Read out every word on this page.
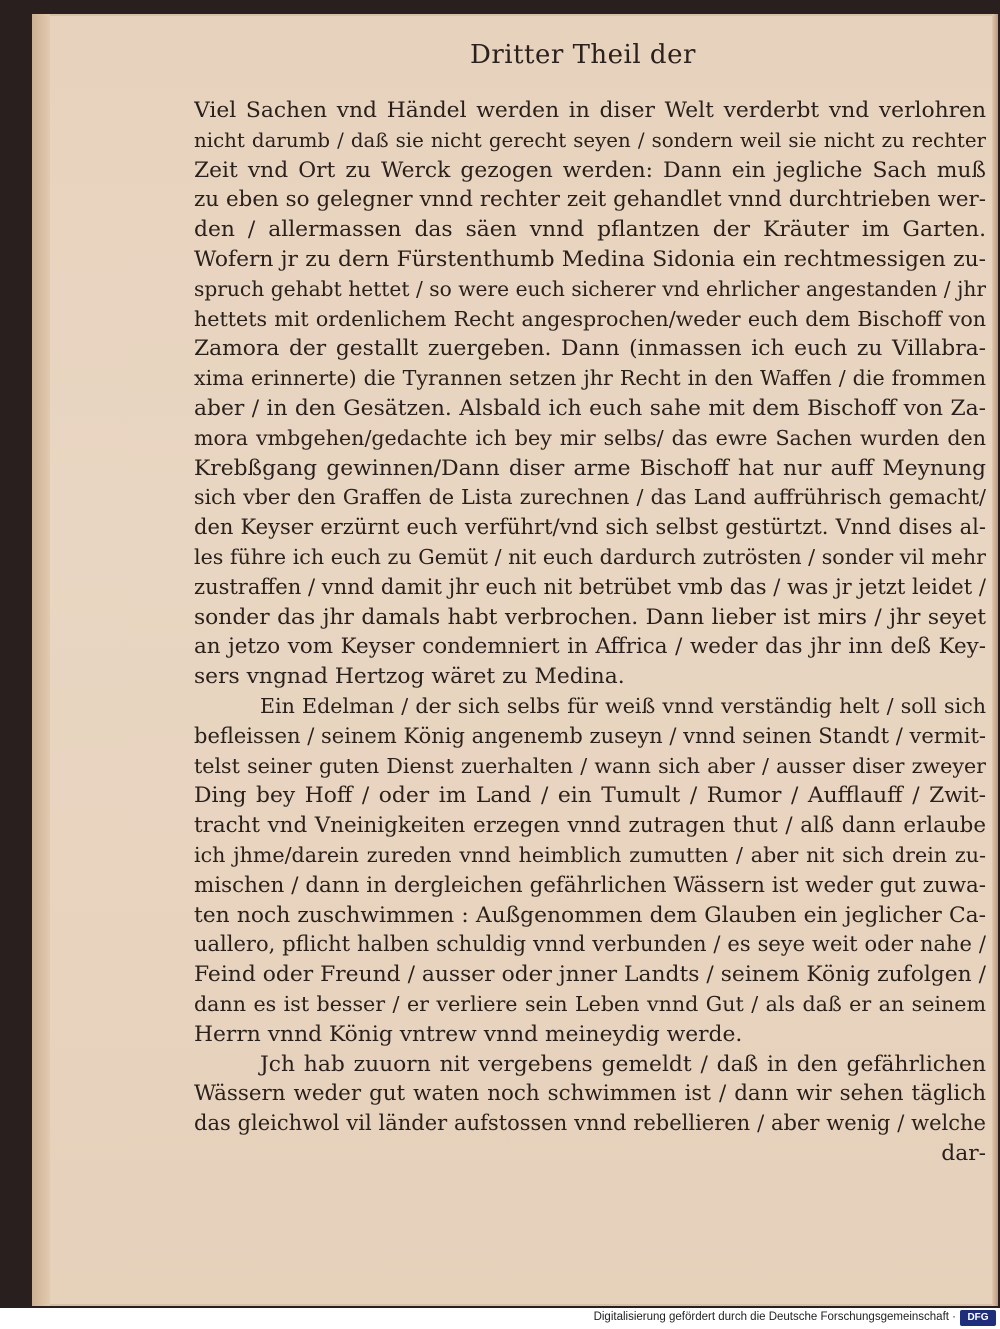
Dritter Theil der
Viel Sachen vnd Händel werden in diser Welt verderbt vnd verlohren
nicht darumb / daß sie nicht gerecht seyen / sondern weil sie nicht zu rechter
Zeit vnd Ort zu Werck gezogen werden: Dann ein jegliche Sach muß
zu eben so gelegner vnnd rechter zeit gehandlet vnnd durchtrieben wer-
den / allermassen das säen vnnd pflantzen der Kräuter im Garten.
Wofern jr zu dern Fürstenthumb Medina Sidonia ein rechtmessigen zu-
spruch gehabt hettet / so were euch sicherer vnd ehrlicher angestanden / jhr
hettets mit ordenlichem Recht angesprochen/weder euch dem Bischoff von
Zamora der gestallt zuergeben. Dann (inmassen ich euch zu Villabra-
xima erinnerte) die Tyrannen setzen jhr Recht in den Waffen / die frommen
aber / in den Gesätzen. Alsbald ich euch sahe mit dem Bischoff von Za-
mora vmbgehen/gedachte ich bey mir selbs/ das ewre Sachen wurden den
Krebßgang gewinnen/Dann diser arme Bischoff hat nur auff Meynung
sich vber den Graffen de Lista zurechnen / das Land auffrührisch gemacht/
den Keyser erzürnt euch verführt/vnd sich selbst gestürtzt. Vnnd dises al-
les führe ich euch zu Gemüt / nit euch dardurch zutrösten / sonder vil mehr
zustraffen / vnnd damit jhr euch nit betrübet vmb das / was jr jetzt leidet /
sonder das jhr damals habt verbrochen. Dann lieber ist mirs / jhr seyet
an jetzo vom Keyser condemniert in Affrica / weder das jhr inn deß Key-
sers vngnad Hertzog wäret zu Medina.
Ein Edelman / der sich selbs für weiß vnnd verständig helt / soll sich
befleissen / seinem König angenemb zuseyn / vnnd seinen Standt / vermit-
telst seiner guten Dienst zuerhalten / wann sich aber / ausser diser zweyer
Ding bey Hoff / oder im Land / ein Tumult / Rumor / Aufflauff / Zwit-
tracht vnd Vneinigkeiten erzegen vnnd zutragen thut / alß dann erlaube
ich jhme/darein zureden vnnd heimblich zumutten / aber nit sich drein zu-
mischen / dann in dergleichen gefährlichen Wässern ist weder gut zuwa-
ten noch zuschwimmen : Außgenommen dem Glauben ein jeglicher Ca-
uallero, pflicht halben schuldig vnnd verbunden / es seye weit oder nahe /
Feind oder Freund / ausser oder jnner Landts / seinem König zufolgen /
dann es ist besser / er verliere sein Leben vnnd Gut / als daß er an seinem
Herrn vnnd König vntrew vnnd meineydig werde.
Jch hab zuuorn nit vergebens gemeldt / daß in den gefährlichen
Wässern weder gut waten noch schwimmen ist / dann wir sehen täglich
das gleichwol vil länder aufstossen vnnd rebellieren / aber wenig / welche
dar-
Digitalisierung gefördert durch die Deutsche Forschungsgemeinschaft ·	DFG
